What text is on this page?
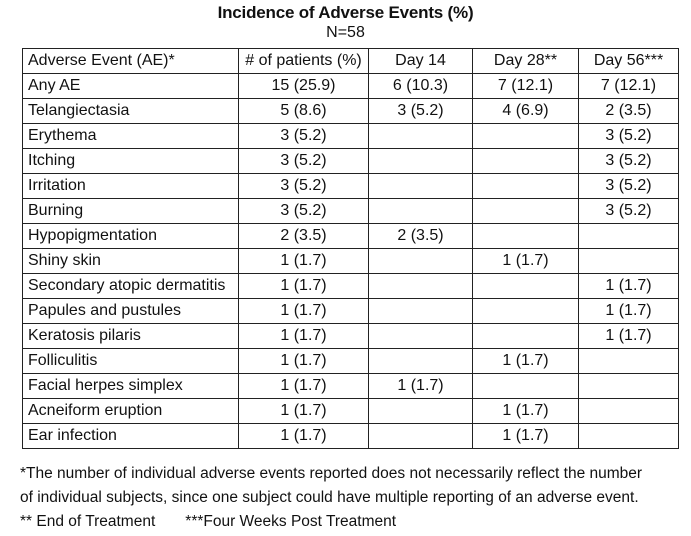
Incidence of Adverse Events (%)
N=58
Adverse Event (AE)*	# of patients (%)	Day 14	Day 28**	Day 56***
Any AE	15 (25.9)	6 (10.3)	7 (12.1)	7 (12.1)
Telangiectasia	5 (8.6)	3 (5.2)	4 (6.9)	2 (3.5)
Erythema	3 (5.2)			3 (5.2)
Itching	3 (5.2)			3 (5.2)
Irritation	3 (5.2)			3 (5.2)
Burning	3 (5.2)			3 (5.2)
Hypopigmentation	2 (3.5)	2 (3.5)		
Shiny skin	1 (1.7)		1 (1.7)	
Secondary atopic dermatitis	1 (1.7)			1 (1.7)
Papules and pustules	1 (1.7)			1 (1.7)
Keratosis pilaris	1 (1.7)			1 (1.7)
Folliculitis	1 (1.7)		1 (1.7)	
Facial herpes simplex	1 (1.7)	1 (1.7)		
Acneiform eruption	1 (1.7)		1 (1.7)	
Ear infection	1 (1.7)		1 (1.7)	
*The number of individual adverse events reported does not necessarily reflect the number
of individual subjects, since one subject could have multiple reporting of an adverse event.
** End of Treatment ***Four Weeks Post Treatment
